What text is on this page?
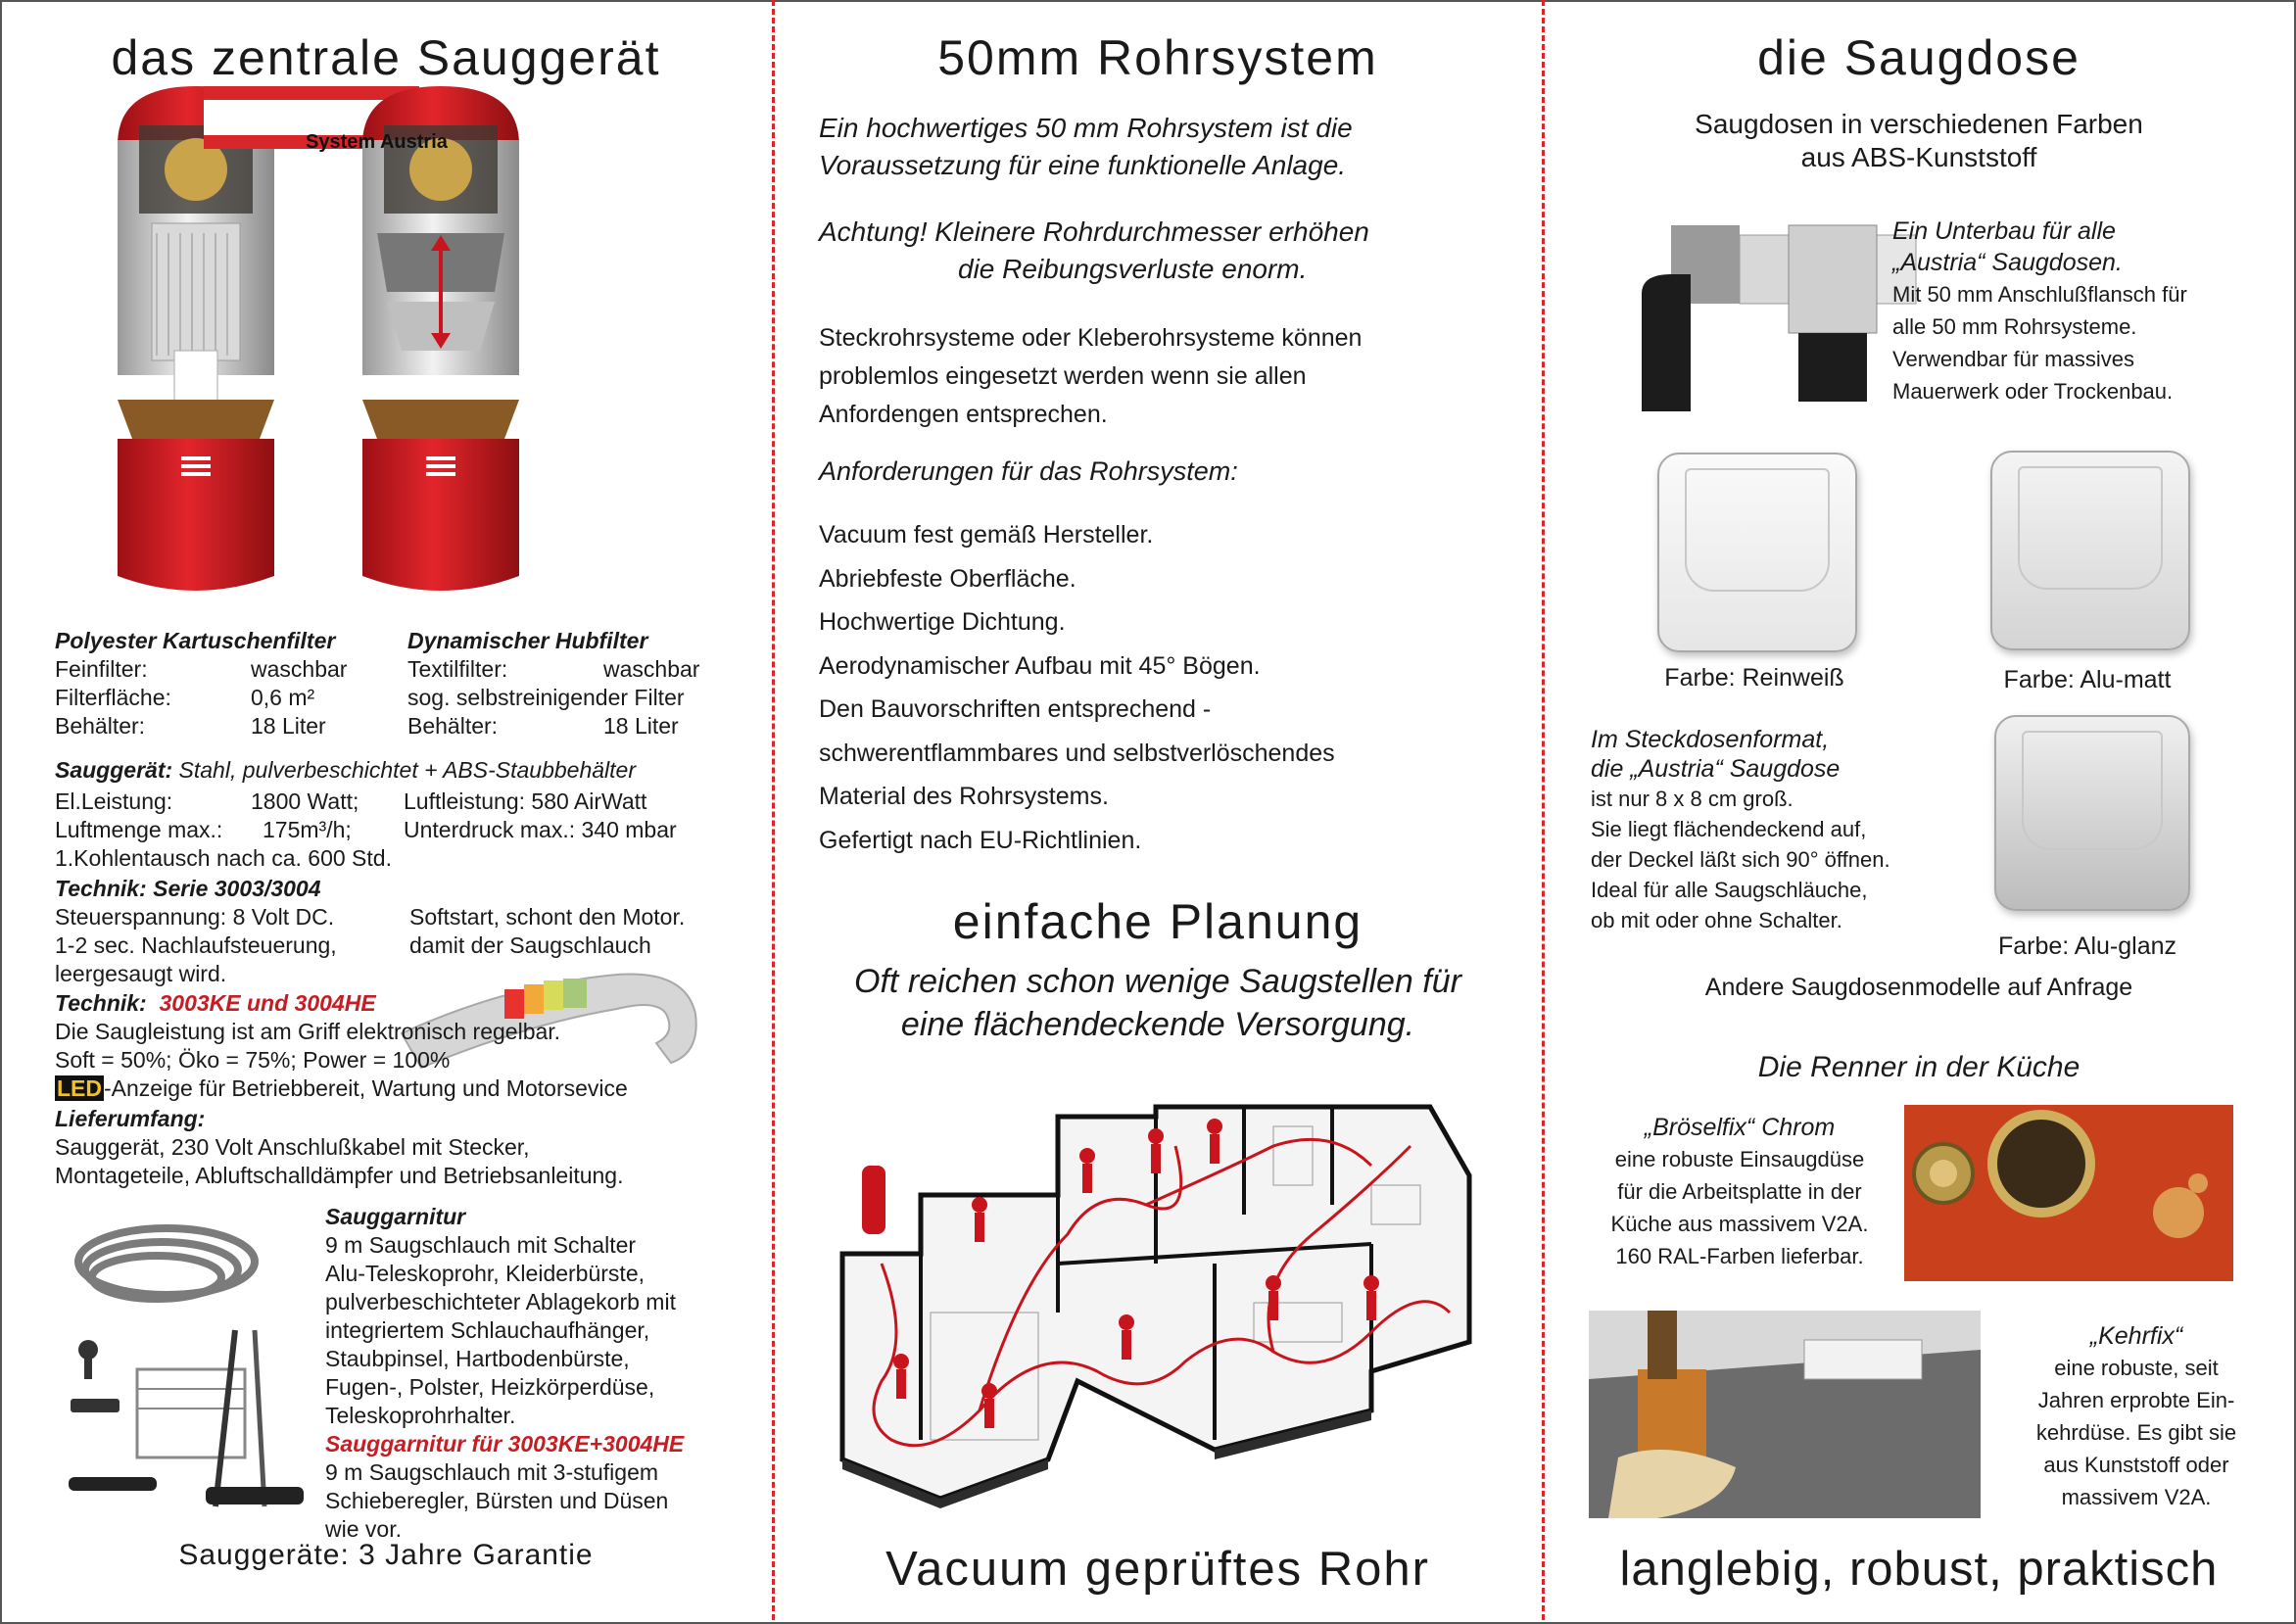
das zentrale Sauggerät
System Austria
Polyester Kartuschenfilter
Feinfilter:	waschbar
Filterfläche:	0,6 m²
Behälter:	18 Liter
Dynamischer Hubfilter
Textilfilter:	waschbar
sog. selbstreinigender Filter
Behälter:	18 Liter
Sauggerät: Stahl, pulverbeschichtet + ABS-Staubbehälter
El.Leistung:	1800 Watt;	Luftleistung: 580 AirWatt
Luftmenge max.:	175m³/h;	Unterdruck max.: 340 mbar
1.Kohlentausch nach ca. 600 Std.
Technik: Serie 3003/3004
Steuerspannung: 8 Volt DC.	Softstart, schont den Motor.
1-2 sec. Nachlaufsteuerung,	damit der Saugschlauch
leergesaugt wird.
Technik: 3003KE und 3004HE
Die Saugleistung ist am Griff elektronisch regelbar.
Soft = 50%; Öko = 75%; Power = 100%
LED-Anzeige für Betriebbereit, Wartung und Motorsevice
Lieferumfang:
Sauggerät, 230 Volt Anschlußkabel mit Stecker,
Montageteile, Abluftschalldämpfer und Betriebsanleitung.
Sauggarnitur
9 m Saugschlauch mit Schalter
Alu-Teleskoprohr, Kleiderbürste,
pulverbeschichteter Ablagekorb mit
integriertem Schlauchaufhänger,
Staubpinsel, Hartbodenbürste,
Fugen-, Polster, Heizkörperdüse,
Teleskoprohrhalter.
Sauggarnitur für 3003KE+3004HE
9 m Saugschlauch mit 3-stufigem
Schieberegler, Bürsten und Düsen
wie vor.
Sauggeräte: 3 Jahre Garantie
50mm Rohrsystem
Ein hochwertiges 50 mm Rohrsystem ist die
Voraussetzung für eine funktionelle Anlage.
Achtung! Kleinere Rohrdurchmesser erhöhen
die Reibungsverluste enorm.
Steckrohrsysteme oder Kleberohrsysteme können
problemlos eingesetzt werden wenn sie allen
Anfordengen entsprechen.
Anforderungen für das Rohrsystem:
Vacuum fest gemäß Hersteller.
Abriebfeste Oberfläche.
Hochwertige Dichtung.
Aerodynamischer Aufbau mit 45° Bögen.
Den Bauvorschriften entsprechend -
schwerentflammbares und selbstverlöschendes
Material des Rohrsystems.
Gefertigt nach EU-Richtlinien.
einfache Planung
Oft reichen schon wenige Saugstellen für
eine flächendeckende Versorgung.
Vacuum geprüftes Rohr
die Saugdose
Saugdosen in verschiedenen Farben
aus ABS-Kunststoff
Ein Unterbau für alle
„Austria“ Saugdosen.
Mit 50 mm Anschlußflansch für
alle 50 mm Rohrsysteme.
Verwendbar für massives
Mauerwerk oder Trockenbau.
Farbe: Reinweiß	Farbe: Alu-matt
Im Steckdosenformat,
die „Austria“ Saugdose
ist nur 8 x 8 cm groß.
Sie liegt flächendeckend auf,
der Deckel läßt sich 90° öffnen.
Ideal für alle Saugschläuche,
ob mit oder ohne Schalter.
Farbe: Alu-glanz
Andere Saugdosenmodelle auf Anfrage
Die Renner in der Küche
„Bröselfix“ Chrom
eine robuste Einsaugdüse
für die Arbeitsplatte in der
Küche aus massivem V2A.
160 RAL-Farben lieferbar.
„Kehrfix“
eine robuste, seit
Jahren erprobte Ein-
kehrdüse. Es gibt sie
aus Kunststoff oder
massivem V2A.
langlebig, robust, praktisch
